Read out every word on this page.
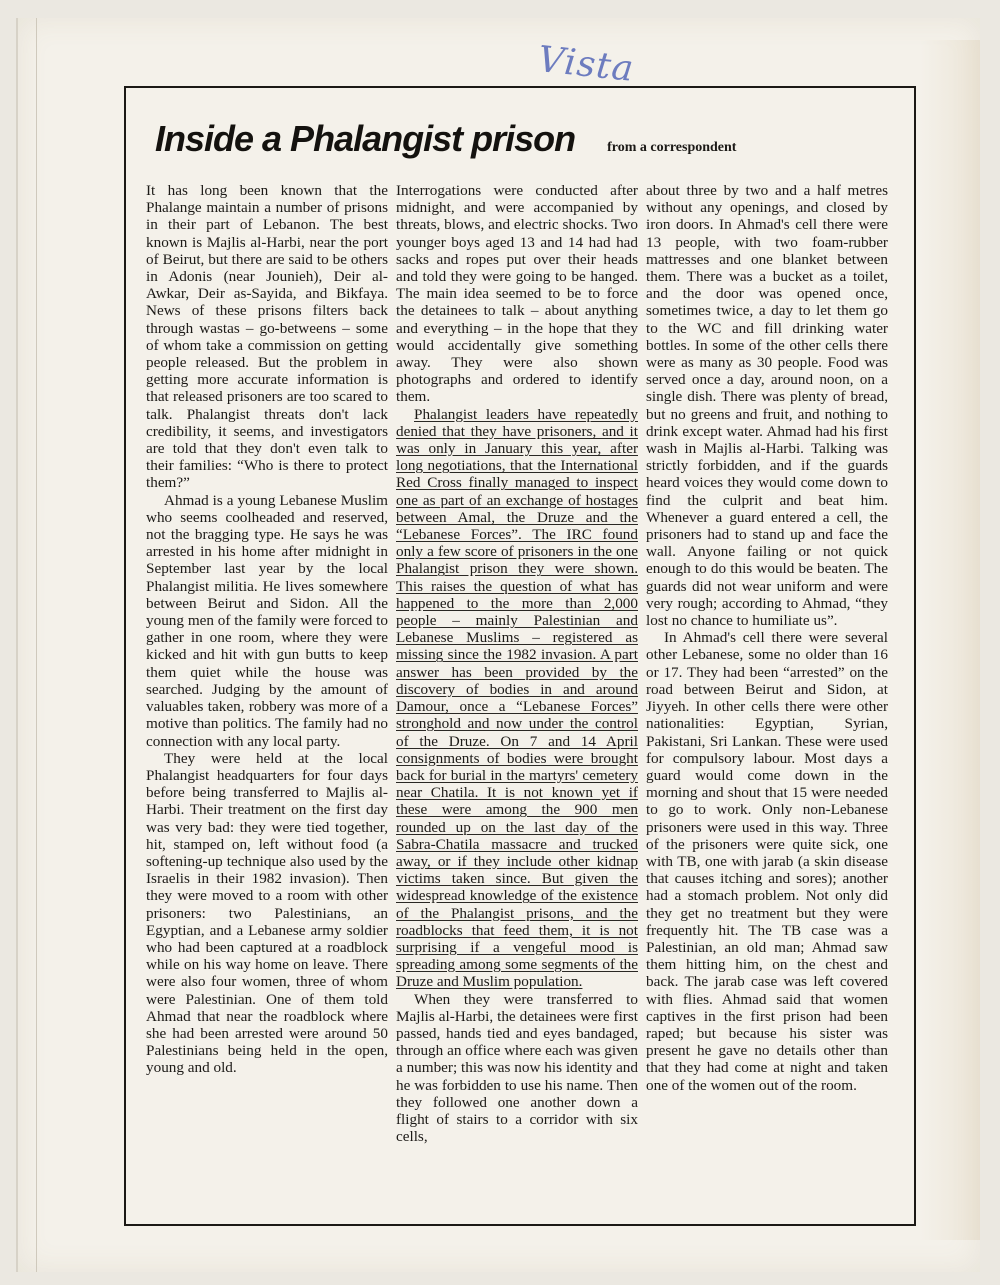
Vista
Inside a Phalangist prison from a correspondent

It has long been known that the Phalange maintain a number of prisons in their part of Lebanon. The best known is Majlis al-Harbi, near the port of Beirut, but there are said to be others in Adonis (near Jounieh), Deir al-Awkar, Deir as-Sayida, and Bikfaya. News of these prisons filters back through wastas – go-betweens – some of whom take a commission on getting people released. But the problem in getting more accurate information is that released prisoners are too scared to talk. Phalangist threats don't lack credibility, it seems, and investigators are told that they don't even talk to their families: “Who is there to protect them?”

Ahmad is a young Lebanese Muslim who seems coolheaded and reserved, not the bragging type. He says he was arrested in his home after midnight in September last year by the local Phalangist militia. He lives somewhere between Beirut and Sidon. All the young men of the family were forced to gather in one room, where they were kicked and hit with gun butts to keep them quiet while the house was searched. Judging by the amount of valuables taken, robbery was more of a motive than politics. The family had no connection with any local party.

They were held at the local Phalangist headquarters for four days before being transferred to Majlis al-Harbi. Their treatment on the first day was very bad: they were tied together, hit, stamped on, left without food (a softening-up technique also used by the Israelis in their 1982 invasion). Then they were moved to a room with other prisoners: two Palestinians, an Egyptian, and a Lebanese army soldier who had been captured at a roadblock while on his way home on leave. There were also four women, three of whom were Palestinian. One of them told Ahmad that near the roadblock where she had been arrested were around 50 Palestinians being held in the open, young and old.

Interrogations were conducted after midnight, and were accompanied by threats, blows, and electric shocks. Two younger boys aged 13 and 14 had had sacks and ropes put over their heads and told they were going to be hanged. The main idea seemed to be to force the detainees to talk – about anything and everything – in the hope that they would accidentally give something away. They were also shown photographs and ordered to identify them.

Phalangist leaders have repeatedly denied that they have prisoners, and it was only in January this year, after long negotiations, that the International Red Cross finally managed to inspect one as part of an exchange of hostages between Amal, the Druze and the “Lebanese Forces”. The IRC found only a few score of prisoners in the one Phalangist prison they were shown. This raises the question of what has happened to the more than 2,000 people – mainly Palestinian and Lebanese Muslims – registered as missing since the 1982 invasion. A part answer has been provided by the discovery of bodies in and around Damour, once a “Lebanese Forces” stronghold and now under the control of the Druze. On 7 and 14 April consignments of bodies were brought back for burial in the martyrs' cemetery near Chatila. It is not known yet if these were among the 900 men rounded up on the last day of the Sabra-Chatila massacre and trucked away, or if they include other kidnap victims taken since. But given the widespread knowledge of the existence of the Phalangist prisons, and the roadblocks that feed them, it is not surprising if a vengeful mood is spreading among some segments of the Druze and Muslim population.

When they were transferred to Majlis al-Harbi, the detainees were first passed, hands tied and eyes bandaged, through an office where each was given a number; this was now his identity and he was forbidden to use his name. Then they followed one another down a flight of stairs to a corridor with six cells,

about three by two and a half metres without any openings, and closed by iron doors. In Ahmad's cell there were 13 people, with two foam-rubber mattresses and one blanket between them. There was a bucket as a toilet, and the door was opened once, sometimes twice, a day to let them go to the WC and fill drinking water bottles. In some of the other cells there were as many as 30 people. Food was served once a day, around noon, on a single dish. There was plenty of bread, but no greens and fruit, and nothing to drink except water. Ahmad had his first wash in Majlis al-Harbi. Talking was strictly forbidden, and if the guards heard voices they would come down to find the culprit and beat him. Whenever a guard entered a cell, the prisoners had to stand up and face the wall. Anyone failing or not quick enough to do this would be beaten. The guards did not wear uniform and were very rough; according to Ahmad, “they lost no chance to humiliate us”.

In Ahmad's cell there were several other Lebanese, some no older than 16 or 17. They had been “arrested” on the road between Beirut and Sidon, at Jiyyeh. In other cells there were other nationalities: Egyptian, Syrian, Pakistani, Sri Lankan. These were used for compulsory labour. Most days a guard would come down in the morning and shout that 15 were needed to go to work. Only non-Lebanese prisoners were used in this way. Three of the prisoners were quite sick, one with TB, one with jarab (a skin disease that causes itching and sores); another had a stomach problem. Not only did they get no treatment but they were frequently hit. The TB case was a Palestinian, an old man; Ahmad saw them hitting him, on the chest and back. The jarab case was left covered with flies. Ahmad said that women captives in the first prison had been raped; but because his sister was present he gave no details other than that they had come at night and taken one of the women out of the room.
